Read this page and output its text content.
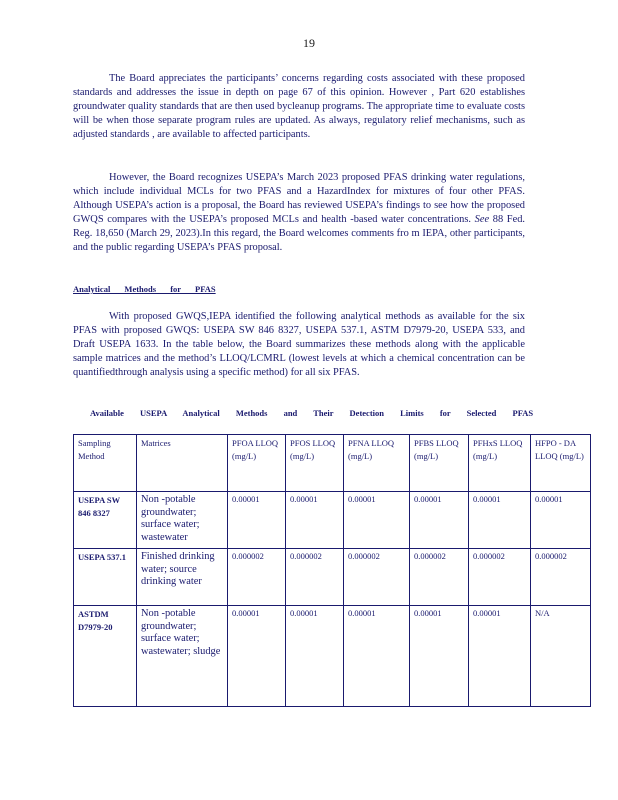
19

The Board appreciates the participants’ concerns regarding costs associated with these proposed standards and addresses the issue in depth on page 67 of this opinion. However , Part 620 establishes groundwater quality standards that are then used bycleanup programs. The appropriate time to evaluate costs will be when those separate program rules are updated. As always, regulatory relief mechanisms, such as adjusted standards , are available to affected participants.

However, the Board recognizes USEPA’s March 2023 proposed PFAS drinking water regulations, which include individual MCLs for two PFAS and a HazardIndex for mixtures of four other PFAS. Although USEPA’s action is a proposal, the Board has reviewed USEPA’s findings to see how the proposed GWQS compares with the USEPA’s proposed MCLs and health -based water concentrations. See 88 Fed. Reg. 18,650 (March 29, 2023).In this regard, the Board welcomes comments fro m IEPA, other participants, and the public regarding USEPA’s PFAS proposal.

Analytical Methods for PFAS

With proposed GWQS,IEPA identified the following analytical methods as available for the six PFAS with proposed GWQS: USEPA SW 846 8327, USEPA 537.1, ASTM D7979-20, USEPA 533, and Draft USEPA 1633. In the table below, the Board summarizes these methods along with the applicable sample matrices and the method’s LLOQ/LCMRL (lowest levels at which a chemical concentration can be quantifiedthrough analysis using a specific method) for all six PFAS.

Available USEPA Analytical Methods and Their Detection Limits for Selected PFAS
Sampling Method	Matrices	PFOA LLOQ (mg/L)	PFOS LLOQ (mg/L)	PFNA LLOQ (mg/L)	PFBS LLOQ (mg/L)	PFHxS LLOQ (mg/L)	HFPO - DA LLOQ (mg/L)
USEPA SW 846 8327	Non -potable groundwater; surface water; wastewater	0.00001	0.00001	0.00001	0.00001	0.00001	0.00001
USEPA 537.1	Finished drinking water; source drinking water	0.000002	0.000002	0.000002	0.000002	0.000002	0.000002
ASTDM D7979-20	Non -potable groundwater; surface water; wastewater; sludge	0.00001	0.00001	0.00001	0.00001	0.00001	N/A
